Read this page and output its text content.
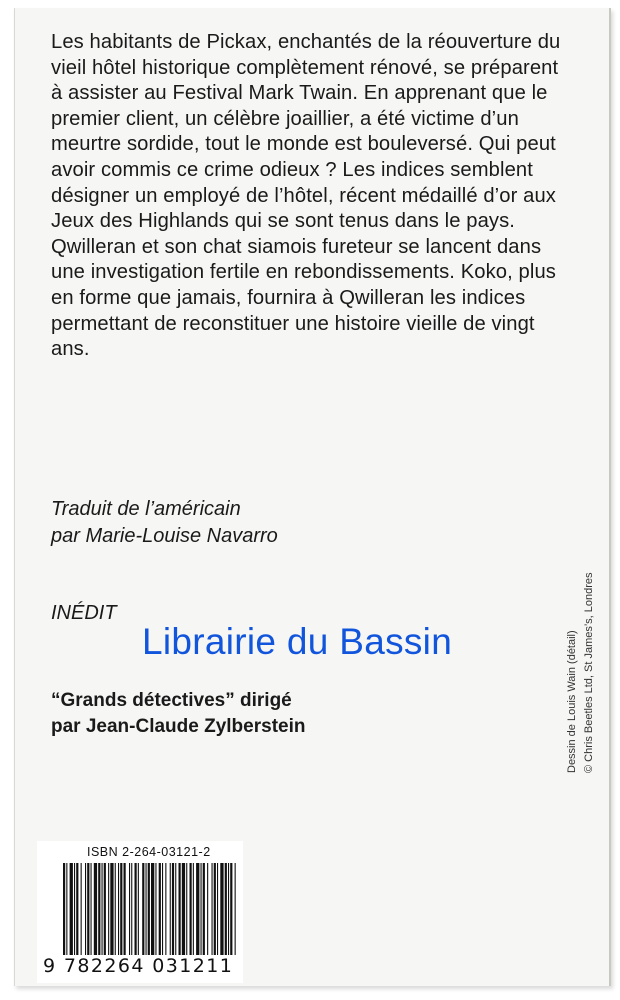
Les habitants de Pickax, enchantés de la réouverture du vieil hôtel historique complètement rénové, se préparent à assister au Festival Mark Twain. En apprenant que le premier client, un célèbre joaillier, a été victime d’un meurtre sordide, tout le monde est bouleversé. Qui peut avoir commis ce crime odieux ? Les indices semblent désigner un employé de l’hôtel, récent médaillé d’or aux Jeux des Highlands qui se sont tenus dans le pays. Qwilleran et son chat siamois fureteur se lancent dans une investigation fertile en rebondissements. Koko, plus en forme que jamais, fournira à Qwilleran les indices permettant de reconstituer une histoire vieille de vingt ans.

Traduit de l’américain
par Marie-Louise Navarro

INÉDIT

Librairie du Bassin

“Grands détectives” dirigé
par Jean-Claude Zylberstein	Dessin de Louis Wain (détail) © Chris Beetles Ltd, St James’s, Londres
ISBN 2-264-03121-2
9 782264 031211
